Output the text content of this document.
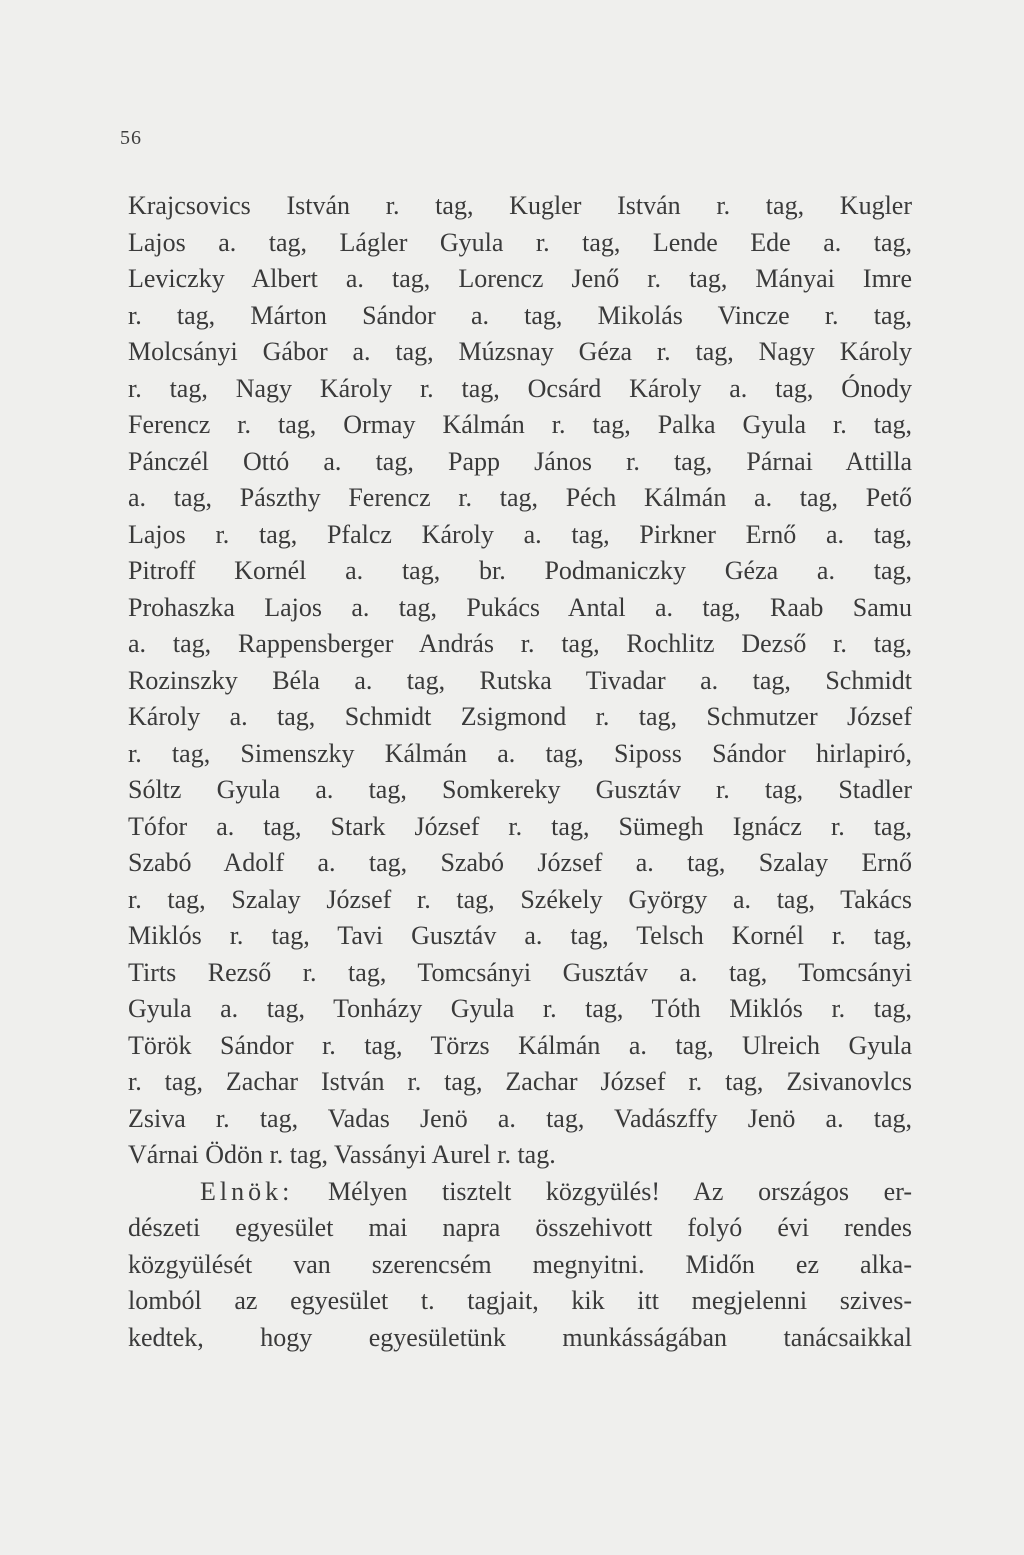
56
Krajcsovics István r. tag, Kugler István r. tag, Kugler
Lajos a. tag, Lágler Gyula r. tag, Lende Ede a. tag,
Leviczky Albert a. tag, Lorencz Jenő r. tag, Mányai Imre
r. tag, Márton Sándor a. tag, Mikolás Vincze r. tag,
Molcsányi Gábor a. tag, Múzsnay Géza r. tag, Nagy Károly
r. tag, Nagy Károly r. tag, Ocsárd Károly a. tag, Ónody
Ferencz r. tag, Ormay Kálmán r. tag, Palka Gyula r. tag,
Pánczél Ottó a. tag, Papp János r. tag, Párnai Attilla
a. tag, Pászthy Ferencz r. tag, Péch Kálmán a. tag, Pető
Lajos r. tag, Pfalcz Károly a. tag, Pirkner Ernő a. tag,
Pitroff Kornél a. tag, br. Podmaniczky Géza a. tag,
Prohaszka Lajos a. tag, Pukács Antal a. tag, Raab Samu
a. tag, Rappensberger András r. tag, Rochlitz Dezső r. tag,
Rozinszky Béla a. tag, Rutska Tivadar a. tag, Schmidt
Károly a. tag, Schmidt Zsigmond r. tag, Schmutzer József
r. tag, Simenszky Kálmán a. tag, Siposs Sándor hirlapiró,
Sóltz Gyula a. tag, Somkereky Gusztáv r. tag, Stadler
Tófor a. tag, Stark József r. tag, Sümegh Ignácz r. tag,
Szabó Adolf a. tag, Szabó József a. tag, Szalay Ernő
r. tag, Szalay József r. tag, Székely György a. tag, Takács
Miklós r. tag, Tavi Gusztáv a. tag, Telsch Kornél r. tag,
Tirts Rezső r. tag, Tomcsányi Gusztáv a. tag, Tomcsányi
Gyula a. tag, Tonházy Gyula r. tag, Tóth Miklós r. tag,
Török Sándor r. tag, Törzs Kálmán a. tag, Ulreich Gyula
r. tag, Zachar István r. tag, Zachar József r. tag, Zsivanovlcs
Zsiva r. tag, Vadas Jenö a. tag, Vadászffy Jenö a. tag,
Várnai Ödön r. tag, Vassányi Aurel r. tag.
Elnök: Mélyen tisztelt közgyülés! Az országos er-
dészeti egyesület mai napra összehivott folyó évi rendes
közgyülését van szerencsém megnyitni. Midőn ez alka-
lomból az egyesület t. tagjait, kik itt megjelenni szives-
kedtek, hogy egyesületünk munkásságában tanácsaikkal
